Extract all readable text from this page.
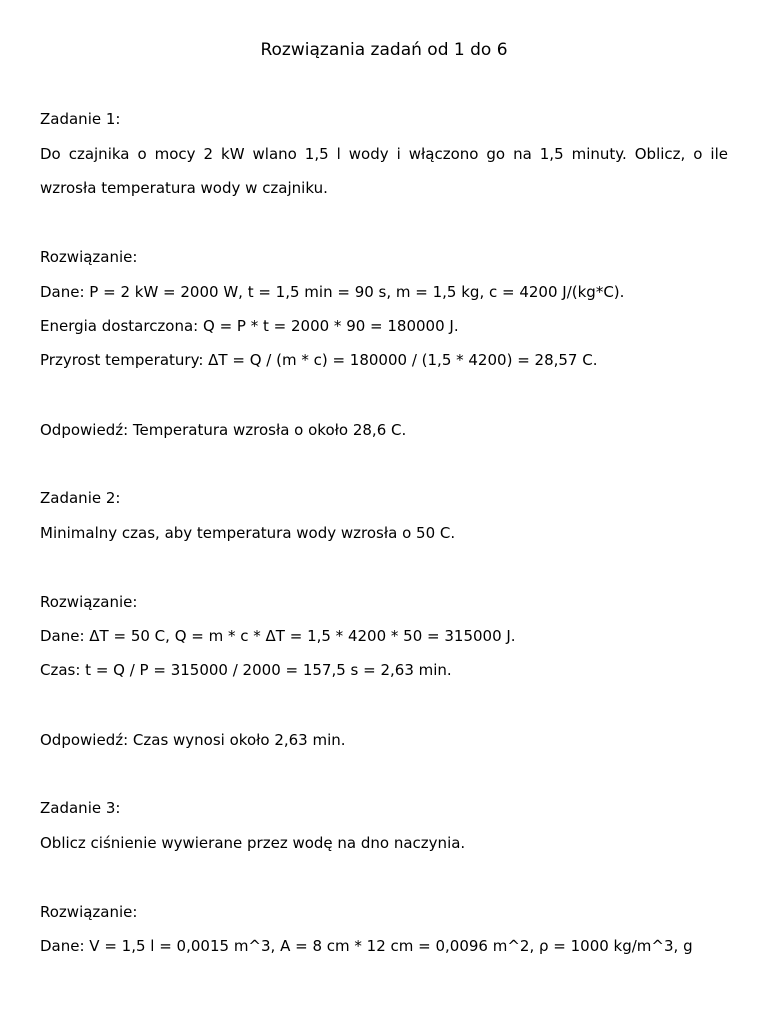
Rozwiązania zadań od 1 do 6
Zadanie 1:
Do czajnika o mocy 2 kW wlano 1,5 l wody i włączono go na 1,5 minuty. Oblicz, o ile
wzrosła temperatura wody w czajniku.
Rozwiązanie:
Dane: P = 2 kW = 2000 W, t = 1,5 min = 90 s, m = 1,5 kg, c = 4200 J/(kg*C).
Energia dostarczona: Q = P * t = 2000 * 90 = 180000 J.
Przyrost temperatury: ΔT = Q / (m * c) = 180000 / (1,5 * 4200) = 28,57 C.
Odpowiedź: Temperatura wzrosła o około 28,6 C.
Zadanie 2:
Minimalny czas, aby temperatura wody wzrosła o 50 C.
Rozwiązanie:
Dane: ΔT = 50 C, Q = m * c * ΔT = 1,5 * 4200 * 50 = 315000 J.
Czas: t = Q / P = 315000 / 2000 = 157,5 s = 2,63 min.
Odpowiedź: Czas wynosi około 2,63 min.
Zadanie 3:
Oblicz ciśnienie wywierane przez wodę na dno naczynia.
Rozwiązanie:
Dane: V = 1,5 l = 0,0015 m^3, A = 8 cm * 12 cm = 0,0096 m^2, ρ = 1000 kg/m^3, g
